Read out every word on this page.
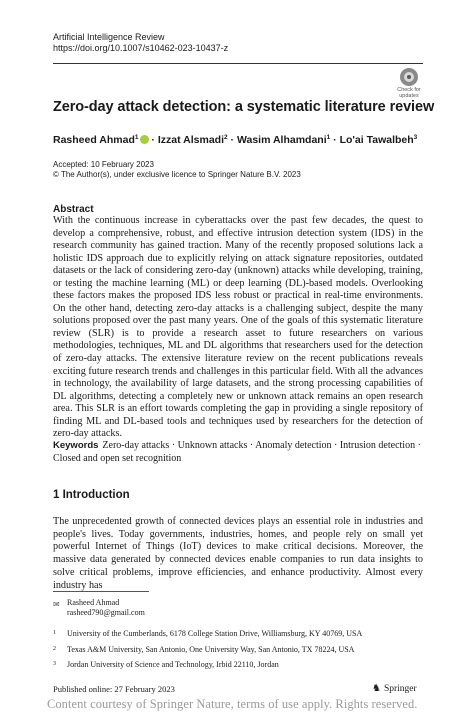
Artificial Intelligence Review
https://doi.org/10.1007/s10462-023-10437-z
Check for
updates
Zero-day attack detection: a systematic literature review
Rasheed Ahmad$^1$ · Izzat Alsmadi$^2$ · Wasim Alhamdani$^1$ · Lo'ai Tawalbeh$^3$
Accepted: 10 February 2023
© The Author(s), under exclusive licence to Springer Nature B.V. 2023
Abstract
With the continuous increase in cyberattacks over the past few decades, the quest to develop a comprehensive, robust, and effective intrusion detection system (IDS) in the research community has gained traction. Many of the recently proposed solutions lack a holistic IDS approach due to explicitly relying on attack signature repositories, outdated datasets or the lack of considering zero-day (unknown) attacks while developing, training, or testing the machine learning (ML) or deep learning (DL)-based models. Overlooking these factors makes the proposed IDS less robust or practical in real-time environments. On the other hand, detecting zero-day attacks is a challenging subject, despite the many solutions proposed over the past many years. One of the goals of this systematic literature review (SLR) is to provide a research asset to future researchers on various methodologies, techniques, ML and DL algorithms that researchers used for the detection of zero-day attacks. The extensive literature review on the recent publications reveals exciting future research trends and challenges in this particular field. With all the advances in technology, the availability of large datasets, and the strong processing capabilities of DL algorithms, detecting a completely new or unknown attack remains an open research area. This SLR is an effort towards completing the gap in providing a single repository of finding ML and DL-based tools and techniques used by researchers for the detection of zero-day attacks.
Keywords Zero-day attacks · Unknown attacks · Anomaly detection · Intrusion detection · Closed and open set recognition
1 Introduction
The unprecedented growth of connected devices plays an essential role in industries and people's lives. Today governments, industries, homes, and people rely on small yet powerful Internet of Things (IoT) devices to make critical decisions. Moreover, the massive data generated by connected devices enable companies to run data insights to solve critical problems, improve efficiencies, and enhance productivity. Almost every industry has
✉ Rasheed Ahmad
rasheed790@gmail.com
1 University of the Cumberlands, 6178 College Station Drive, Williamsburg, KY 40769, USA
2 Texas A&M University, San Antonio, One University Way, San Antonio, TX 78224, USA
3 Jordan University of Science and Technology, Irbid 22110, Jordan
Published online: 27 February 2023	♞ Springer
Content courtesy of Springer Nature, terms of use apply. Rights reserved.
